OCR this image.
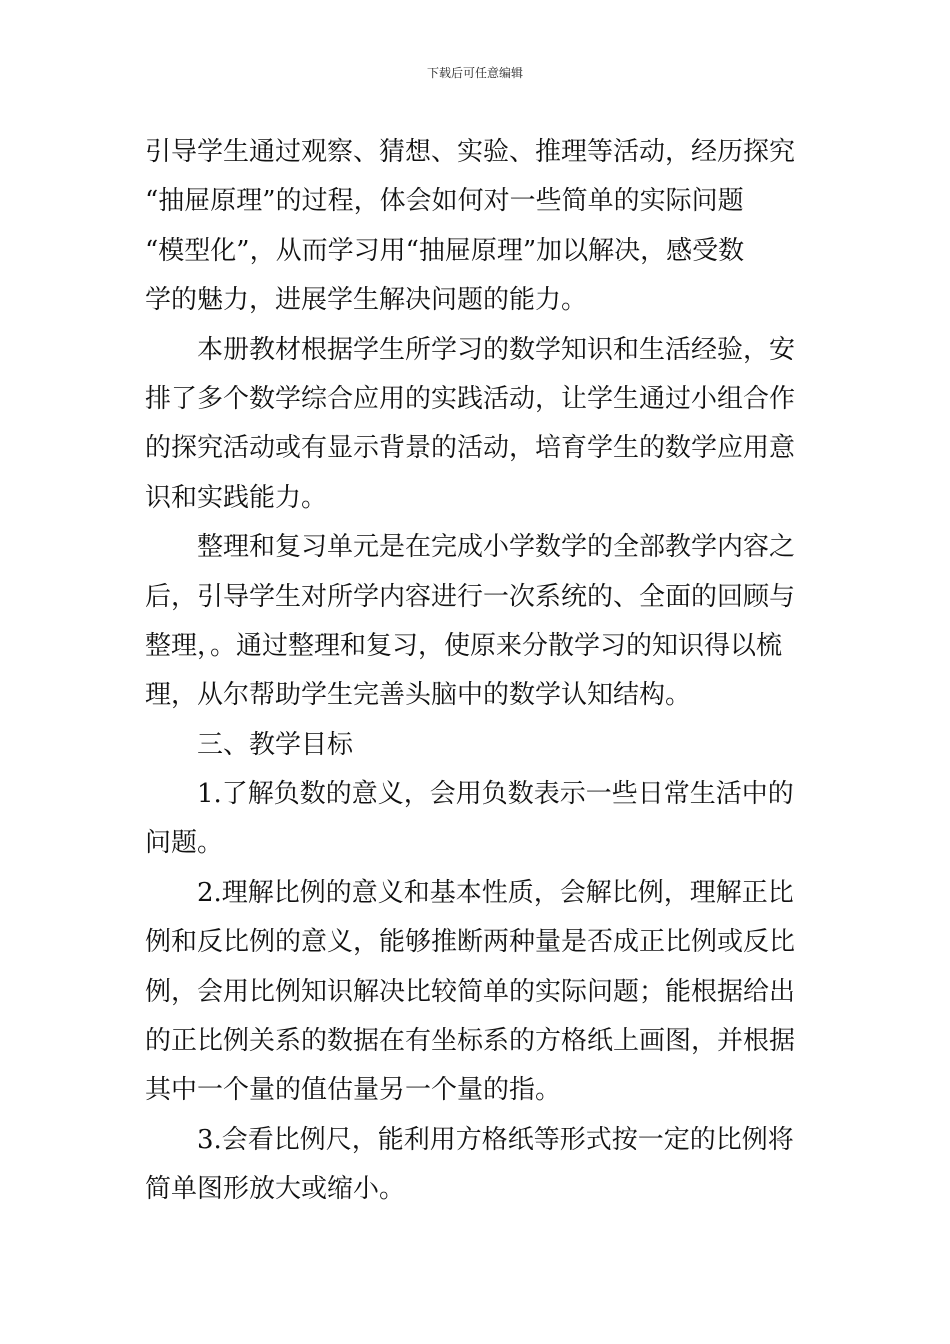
下载后可任意编辑
引导学生通过观察、猜想、实验、推理等活动，经历探究
“抽屉原理”的过程，体会如何对一些简单的实际问题
“模型化”，从而学习用“抽屉原理”加以解决，感受数
学的魅力，进展学生解决问题的能力。
　　本册教材根据学生所学习的数学知识和生活经验，安
排了多个数学综合应用的实践活动，让学生通过小组合作
的探究活动或有显示背景的活动，培育学生的数学应用意
识和实践能力。
　　整理和复习单元是在完成小学数学的全部教学内容之
后，引导学生对所学内容进行一次系统的、全面的回顾与
整理，。通过整理和复习，使原来分散学习的知识得以梳
理，从尔帮助学生完善头脑中的数学认知结构。
　　三、教学目标
　　1.了解负数的意义，会用负数表示一些日常生活中的
问题。
　　2.理解比例的意义和基本性质，会解比例，理解正比
例和反比例的意义，能够推断两种量是否成正比例或反比
例，会用比例知识解决比较简单的实际问题；能根据给出
的正比例关系的数据在有坐标系的方格纸上画图，并根据
其中一个量的值估量另一个量的指。
　　3.会看比例尺，能利用方格纸等形式按一定的比例将
简单图形放大或缩小。
